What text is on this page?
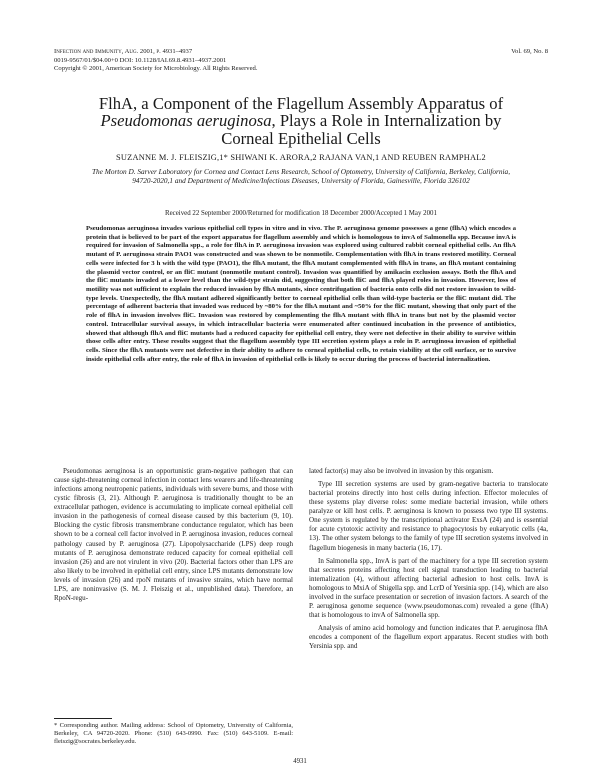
Infection and Immunity, Aug. 2001, p. 4931–4937
0019-9567/01/$04.00+0 DOI: 10.1128/IAI.69.8.4931–4937.2001
Copyright © 2001, American Society for Microbiology. All Rights Reserved.
Vol. 69, No. 8
FlhA, a Component of the Flagellum Assembly Apparatus of
Pseudomonas aeruginosa, Plays a Role in Internalization by
Corneal Epithelial Cells
SUZANNE M. J. FLEISZIG,1* SHIWANI K. ARORA,2 RAJANA VAN,1 AND REUBEN RAMPHAL2
The Morton D. Sarver Laboratory for Cornea and Contact Lens Research, School of Optometry, University of California, Berkeley, California, 94720-2020,1 and Department of Medicine/Infectious Diseases, University of Florida, Gainesville, Florida 326102
Received 22 September 2000/Returned for modification 18 December 2000/Accepted 1 May 2001
Pseudomonas aeruginosa invades various epithelial cell types in vitro and in vivo. The P. aeruginosa genome possesses a gene (flhA) which encodes a protein that is believed to be part of the export apparatus for flagellum assembly and which is homologous to invA of Salmonella spp. Because invA is required for invasion of Salmonella spp., a role for flhA in P. aeruginosa invasion was explored using cultured rabbit corneal epithelial cells. An flhA mutant of P. aeruginosa strain PAO1 was constructed and was shown to be nonmotile. Complementation with flhA in trans restored motility. Corneal cells were infected for 3 h with the wild type (PAO1), the flhA mutant, the flhA mutant complemented with flhA in trans, an flhA mutant containing the plasmid vector control, or an fliC mutant (nonmotile mutant control). Invasion was quantified by amikacin exclusion assays. Both the flhA and the fliC mutants invaded at a lower level than the wild-type strain did, suggesting that both fliC and flhA played roles in invasion. However, loss of motility was not sufficient to explain the reduced invasion by flhA mutants, since centrifugation of bacteria onto cells did not restore invasion to wild-type levels. Unexpectedly, the flhA mutant adhered significantly better to corneal epithelial cells than wild-type bacteria or the fliC mutant did. The percentage of adherent bacteria that invaded was reduced by ~80% for the flhA mutant and ~50% for the fliC mutant, showing that only part of the role of flhA in invasion involves fliC. Invasion was restored by complementing the flhA mutant with flhA in trans but not by the plasmid vector control. Intracellular survival assays, in which intracellular bacteria were enumerated after continued incubation in the presence of antibiotics, showed that although flhA and fliC mutants had a reduced capacity for epithelial cell entry, they were not defective in their ability to survive within those cells after entry. These results suggest that the flagellum assembly type III secretion system plays a role in P. aeruginosa invasion of epithelial cells. Since the flhA mutants were not defective in their ability to adhere to corneal epithelial cells, to retain viability at the cell surface, or to survive inside epithelial cells after entry, the role of flhA in invasion of epithelial cells is likely to occur during the process of bacterial internalization.

Pseudomonas aeruginosa is an opportunistic gram-negative pathogen that can cause sight-threatening corneal infection in contact lens wearers and life-threatening infections among neutropenic patients, individuals with severe burns, and those with cystic fibrosis (3, 21). Although P. aeruginosa is traditionally thought to be an extracellular pathogen, evidence is accumulating to implicate corneal epithelial cell invasion in the pathogenesis of corneal disease caused by this bacterium (9, 10). Blocking the cystic fibrosis transmembrane conductance regulator, which has been shown to be a corneal cell factor involved in P. aeruginosa invasion, reduces corneal pathology caused by P. aeruginosa (27). Lipopolysaccharide (LPS) deep rough mutants of P. aeruginosa demonstrate reduced capacity for corneal epithelial cell invasion (26) and are not virulent in vivo (20). Bacterial factors other than LPS are also likely to be involved in epithelial cell entry, since LPS mutants demonstrate low levels of invasion (26) and rpoN mutants of invasive strains, which have normal LPS, are noninvasive (S. M. J. Fleiszig et al., unpublished data). Therefore, an RpoN-regu-

lated factor(s) may also be involved in invasion by this organism.

Type III secretion systems are used by gram-negative bacteria to translocate bacterial proteins directly into host cells during infection. Effector molecules of these systems play diverse roles: some mediate bacterial invasion, while others paralyze or kill host cells. P. aeruginosa is known to possess two type III systems. One system is regulated by the transcriptional activator ExsA (24) and is essential for acute cytotoxic activity and resistance to phagocytosis by eukaryotic cells (4a, 13). The other system belongs to the family of type III secretion systems involved in flagellum biogenesis in many bacteria (16, 17).

In Salmonella spp., InvA is part of the machinery for a type III secretion system that secretes proteins affecting host cell signal transduction leading to bacterial internalization (4), without affecting bacterial adhesion to host cells. InvA is homologous to MxiA of Shigella spp. and LcrD of Yersinia spp. (14), which are also involved in the surface presentation or secretion of invasion factors. A search of the P. aeruginosa genome sequence (www.pseudomonas.com) revealed a gene (flhA) that is homologous to invA of Salmonella spp.

Analysis of amino acid homology and function indicates that P. aeruginosa flhA encodes a component of the flagellum export apparatus. Recent studies with both Yersinia spp. and

* Corresponding author. Mailing address: School of Optometry, University of California, Berkeley, CA 94720-2020. Phone: (510) 643-0990. Fax: (510) 643-5109. E-mail: fleiszig@socrates.berkeley.edu.
4931
